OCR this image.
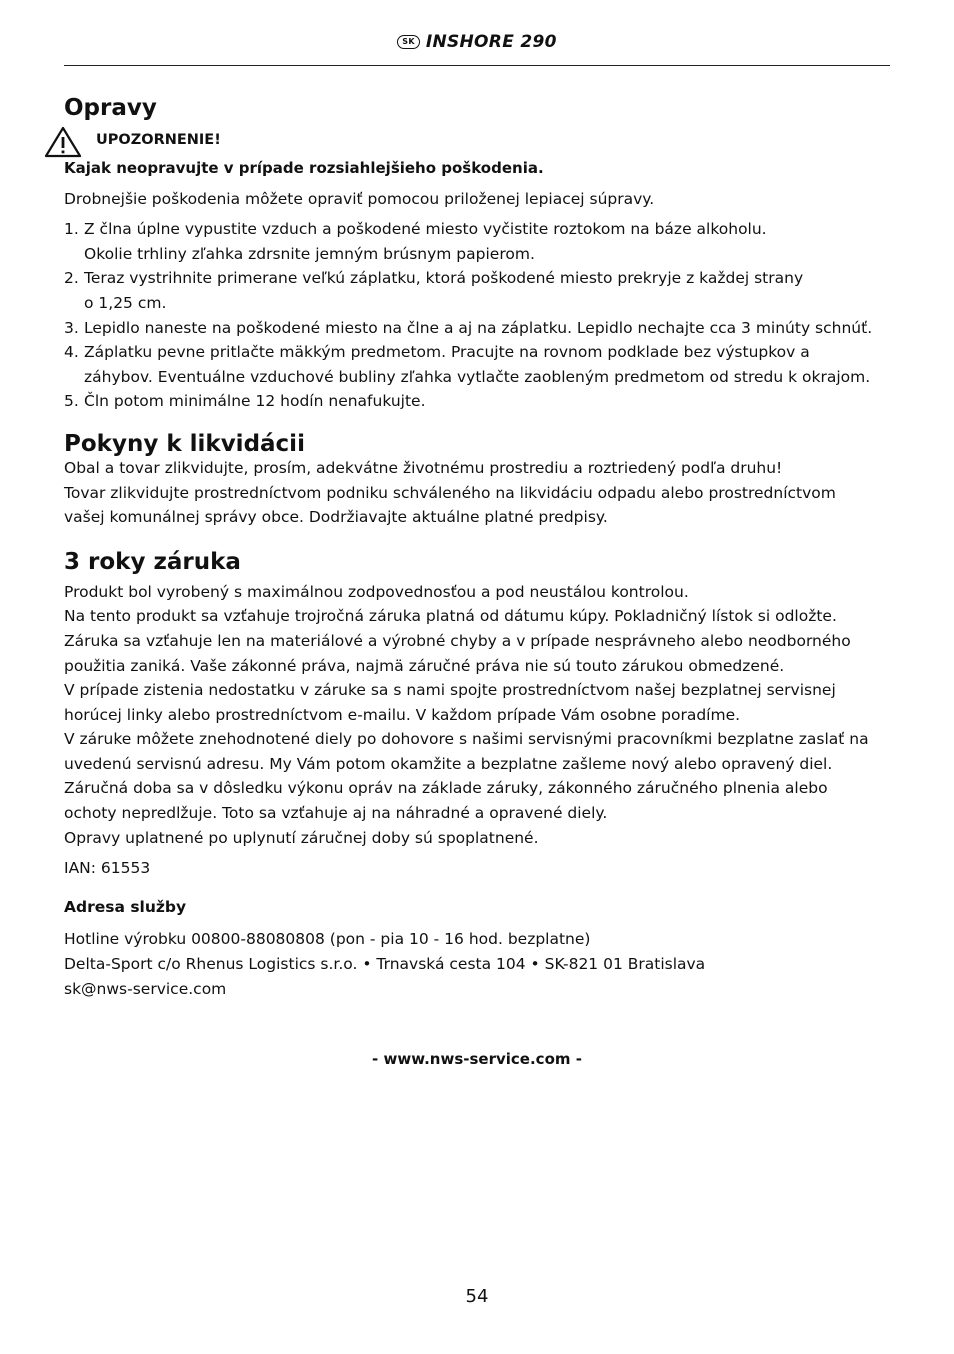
SK INSHORE 290
Opravy
UPOZORNENIE!

Kajak neopravujte v prípade rozsiahlejšieho poškodenia.

Drobnejšie poškodenia môžete opraviť pomocou priloženej lepiacej súpravy.

1. Z člna úplne vypustite vzduch a poškodené miesto vyčistite roztokom na báze alkoholu.
Okolie trhliny zľahka zdrsnite jemným brúsnym papierom.
2. Teraz vystrihnite primerane veľkú záplatku, ktorá poškodené miesto prekryje z každej strany
o 1,25 cm.
3. Lepidlo naneste na poškodené miesto na člne a aj na záplatku. Lepidlo nechajte cca 3 minúty schnúť.
4. Záplatku pevne pritlačte mäkkým predmetom. Pracujte na rovnom podklade bez výstupkov a
záhybov. Eventuálne vzduchové bubliny zľahka vytlačte zaobleným predmetom od stredu k okrajom.
5. Čln potom minimálne 12 hodín nenafukujte.
Pokyny k likvidácii
Obal a tovar zlikvidujte, prosím, adekvátne životnému prostrediu a roztriedený podľa druhu!
Tovar zlikvidujte prostredníctvom podniku schváleného na likvidáciu odpadu alebo prostredníctvom
vašej komunálnej správy obce. Dodržiavajte aktuálne platné predpisy.
3 roky záruka
Produkt bol vyrobený s maximálnou zodpovednosťou a pod neustálou kontrolou.
Na tento produkt sa vzťahuje trojročná záruka platná od dátumu kúpy. Pokladničný lístok si odložte.
Záruka sa vzťahuje len na materiálové a výrobné chyby a v prípade nesprávneho alebo neodborného
použitia zaniká. Vaše zákonné práva, najmä záručné práva nie sú touto zárukou obmedzené.
V prípade zistenia nedostatku v záruke sa s nami spojte prostredníctvom našej bezplatnej servisnej
horúcej linky alebo prostredníctvom e-mailu. V každom prípade Vám osobne poradíme.
V záruke môžete znehodnotené diely po dohovore s našimi servisnými pracovníkmi bezplatne zaslať na
uvedenú servisnú adresu. My Vám potom okamžite a bezplatne zašleme nový alebo opravený diel.
Záručná doba sa v dôsledku výkonu opráv na základe záruky, zákonného záručného plnenia alebo
ochoty nepredlžuje. Toto sa vzťahuje aj na náhradné a opravené diely.
Opravy uplatnené po uplynutí záručnej doby sú spoplatnené.

IAN: 61553

Adresa služby

Hotline výrobku 00800-88080808 (pon - pia 10 - 16 hod. bezplatne)

Delta-Sport c/o Rhenus Logistics s.r.o. • Trnavská cesta 104 • SK-821 01 Bratislava

sk@nws-service.com

- www.nws-service.com -
54
